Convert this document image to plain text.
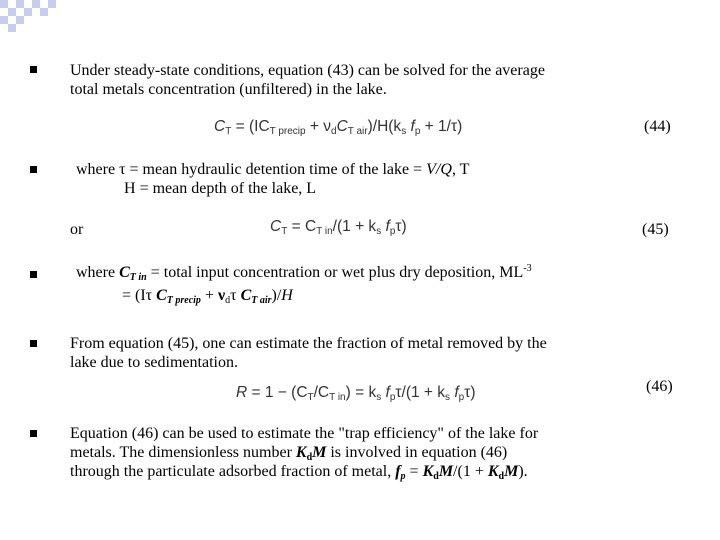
Under steady-state conditions, equation (43) can be solved for the average
total metals concentration (unfiltered) in the lake.
$C_T = (IC_{T precip} + \nu_dC_{T air})/H(k_s$ $f_p + 1/\tau$)	(44)
where τ = mean hydraulic detention time of the lake = V/Q, T
H = mean depth of the lake, L
or	$C_T = C_{T in}/(1 + k_s$ $f_p\tau$)	(45)
where $C_{T in}$ = total input concentration or wet plus dry deposition, $ML^{-3}$
= (Iτ $C_{T precip} + \nu_d\tau$ $C_{T air})/H$
From equation (45), one can estimate the fraction of metal removed by the
lake due to sedimentation.
(46)
$R = 1 - (C_T/C_{T in}) = k_s$ $f_p\tau/(1 + k_s$ $f_p\tau$)
Equation (46) can be used to estimate the "trap efficiency" of the lake for
metals. The dimensionless number $K_dM$ is involved in equation (46)
through the particulate adsorbed fraction of metal, $f_p = K_dM/(1 + K_dM)$.
